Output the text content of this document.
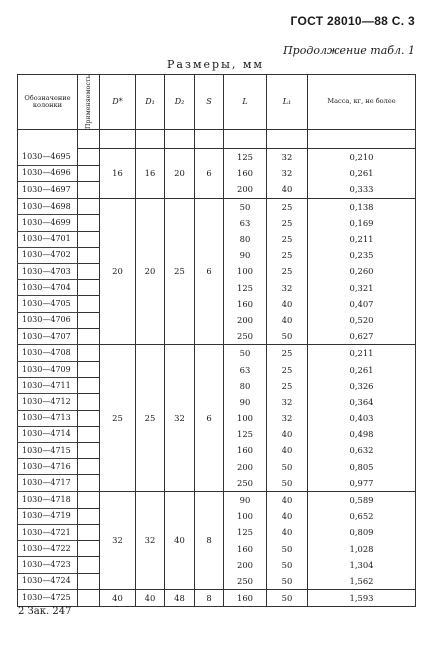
ГОСТ 28010—88 С. 3
Продолжение табл. 1
Размеры, мм
Обозначение колонки	Применяемость	D*	D₁	D₂	S	L	L₁	Масса, кг, не более

1030—4695		16	16	20	6	125	32	0,210
1030—4696						160	32	0,261
1030—4697						200	40	0,333
1030—4698		20	20	25	6	50	25	0,138
1030—4699						63	25	0,169
1030—4701						80	25	0,211
1030—4702						90	25	0,235
1030—4703						100	25	0,260
1030—4704						125	32	0,321
1030—4705						160	40	0,407
1030—4706						200	40	0,520
1030—4707						250	50	0,627
1030—4708		25	25	32	6	50	25	0,211
1030—4709						63	25	0,261
1030—4711						80	25	0,326
1030—4712						90	32	0,364
1030—4713						100	32	0,403
1030—4714						125	40	0,498
1030—4715						160	40	0,632
1030—4716						200	50	0,805
1030—4717						250	50	0,977
1030—4718		32	32	40	8	90	40	0,589
1030—4719						100	40	0,652
1030—4721						125	40	0,809
1030—4722						160	50	1,028
1030—4723						200	50	1,304
1030—4724						250	50	1,562
1030—4725		40	40	48	8	160	50	1,593
2 Зак. 247
